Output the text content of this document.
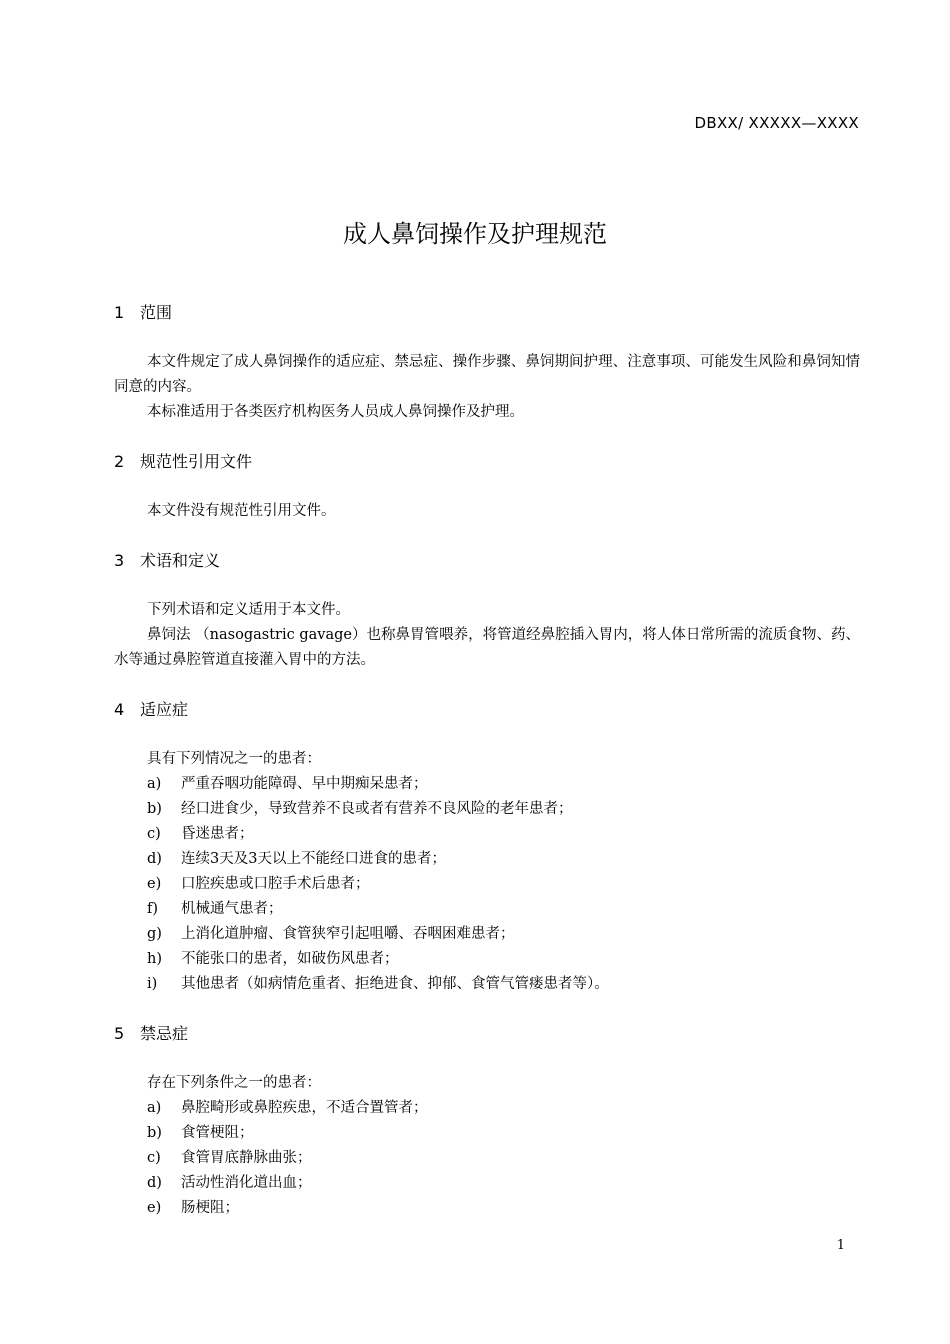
DBXX/ XXXXX—XXXX
成人鼻饲操作及护理规范
1 范围

本文件规定了成人鼻饲操作的适应症、禁忌症、操作步骤、鼻饲期间护理、注意事项、可能发生风险和鼻饲知情同意的内容。

本标准适用于各类医疗机构医务人员成人鼻饲操作及护理。

2 规范性引用文件

本文件没有规范性引用文件。

3 术语和定义

下列术语和定义适用于本文件。

鼻饲法 （nasogastric gavage）也称鼻胃管喂养，将管道经鼻腔插入胃内，将人体日常所需的流质食物、药、水等通过鼻腔管道直接灌入胃中的方法。

4 适应症

具有下列情况之一的患者：

a) 严重吞咽功能障碍、早中期痴呆患者；

b) 经口进食少，导致营养不良或者有营养不良风险的老年患者；

c) 昏迷患者；

d) 连续3天及3天以上不能经口进食的患者；

e) 口腔疾患或口腔手术后患者；

f) 机械通气患者；

g) 上消化道肿瘤、食管狭窄引起咀嚼、吞咽困难患者；

h) 不能张口的患者，如破伤风患者；

i) 其他患者（如病情危重者、拒绝进食、抑郁、食管气管瘘患者等）。

5 禁忌症

存在下列条件之一的患者：

a) 鼻腔畸形或鼻腔疾患，不适合置管者；

b) 食管梗阻；

c) 食管胃底静脉曲张；

d) 活动性消化道出血；

e) 肠梗阻；

1
